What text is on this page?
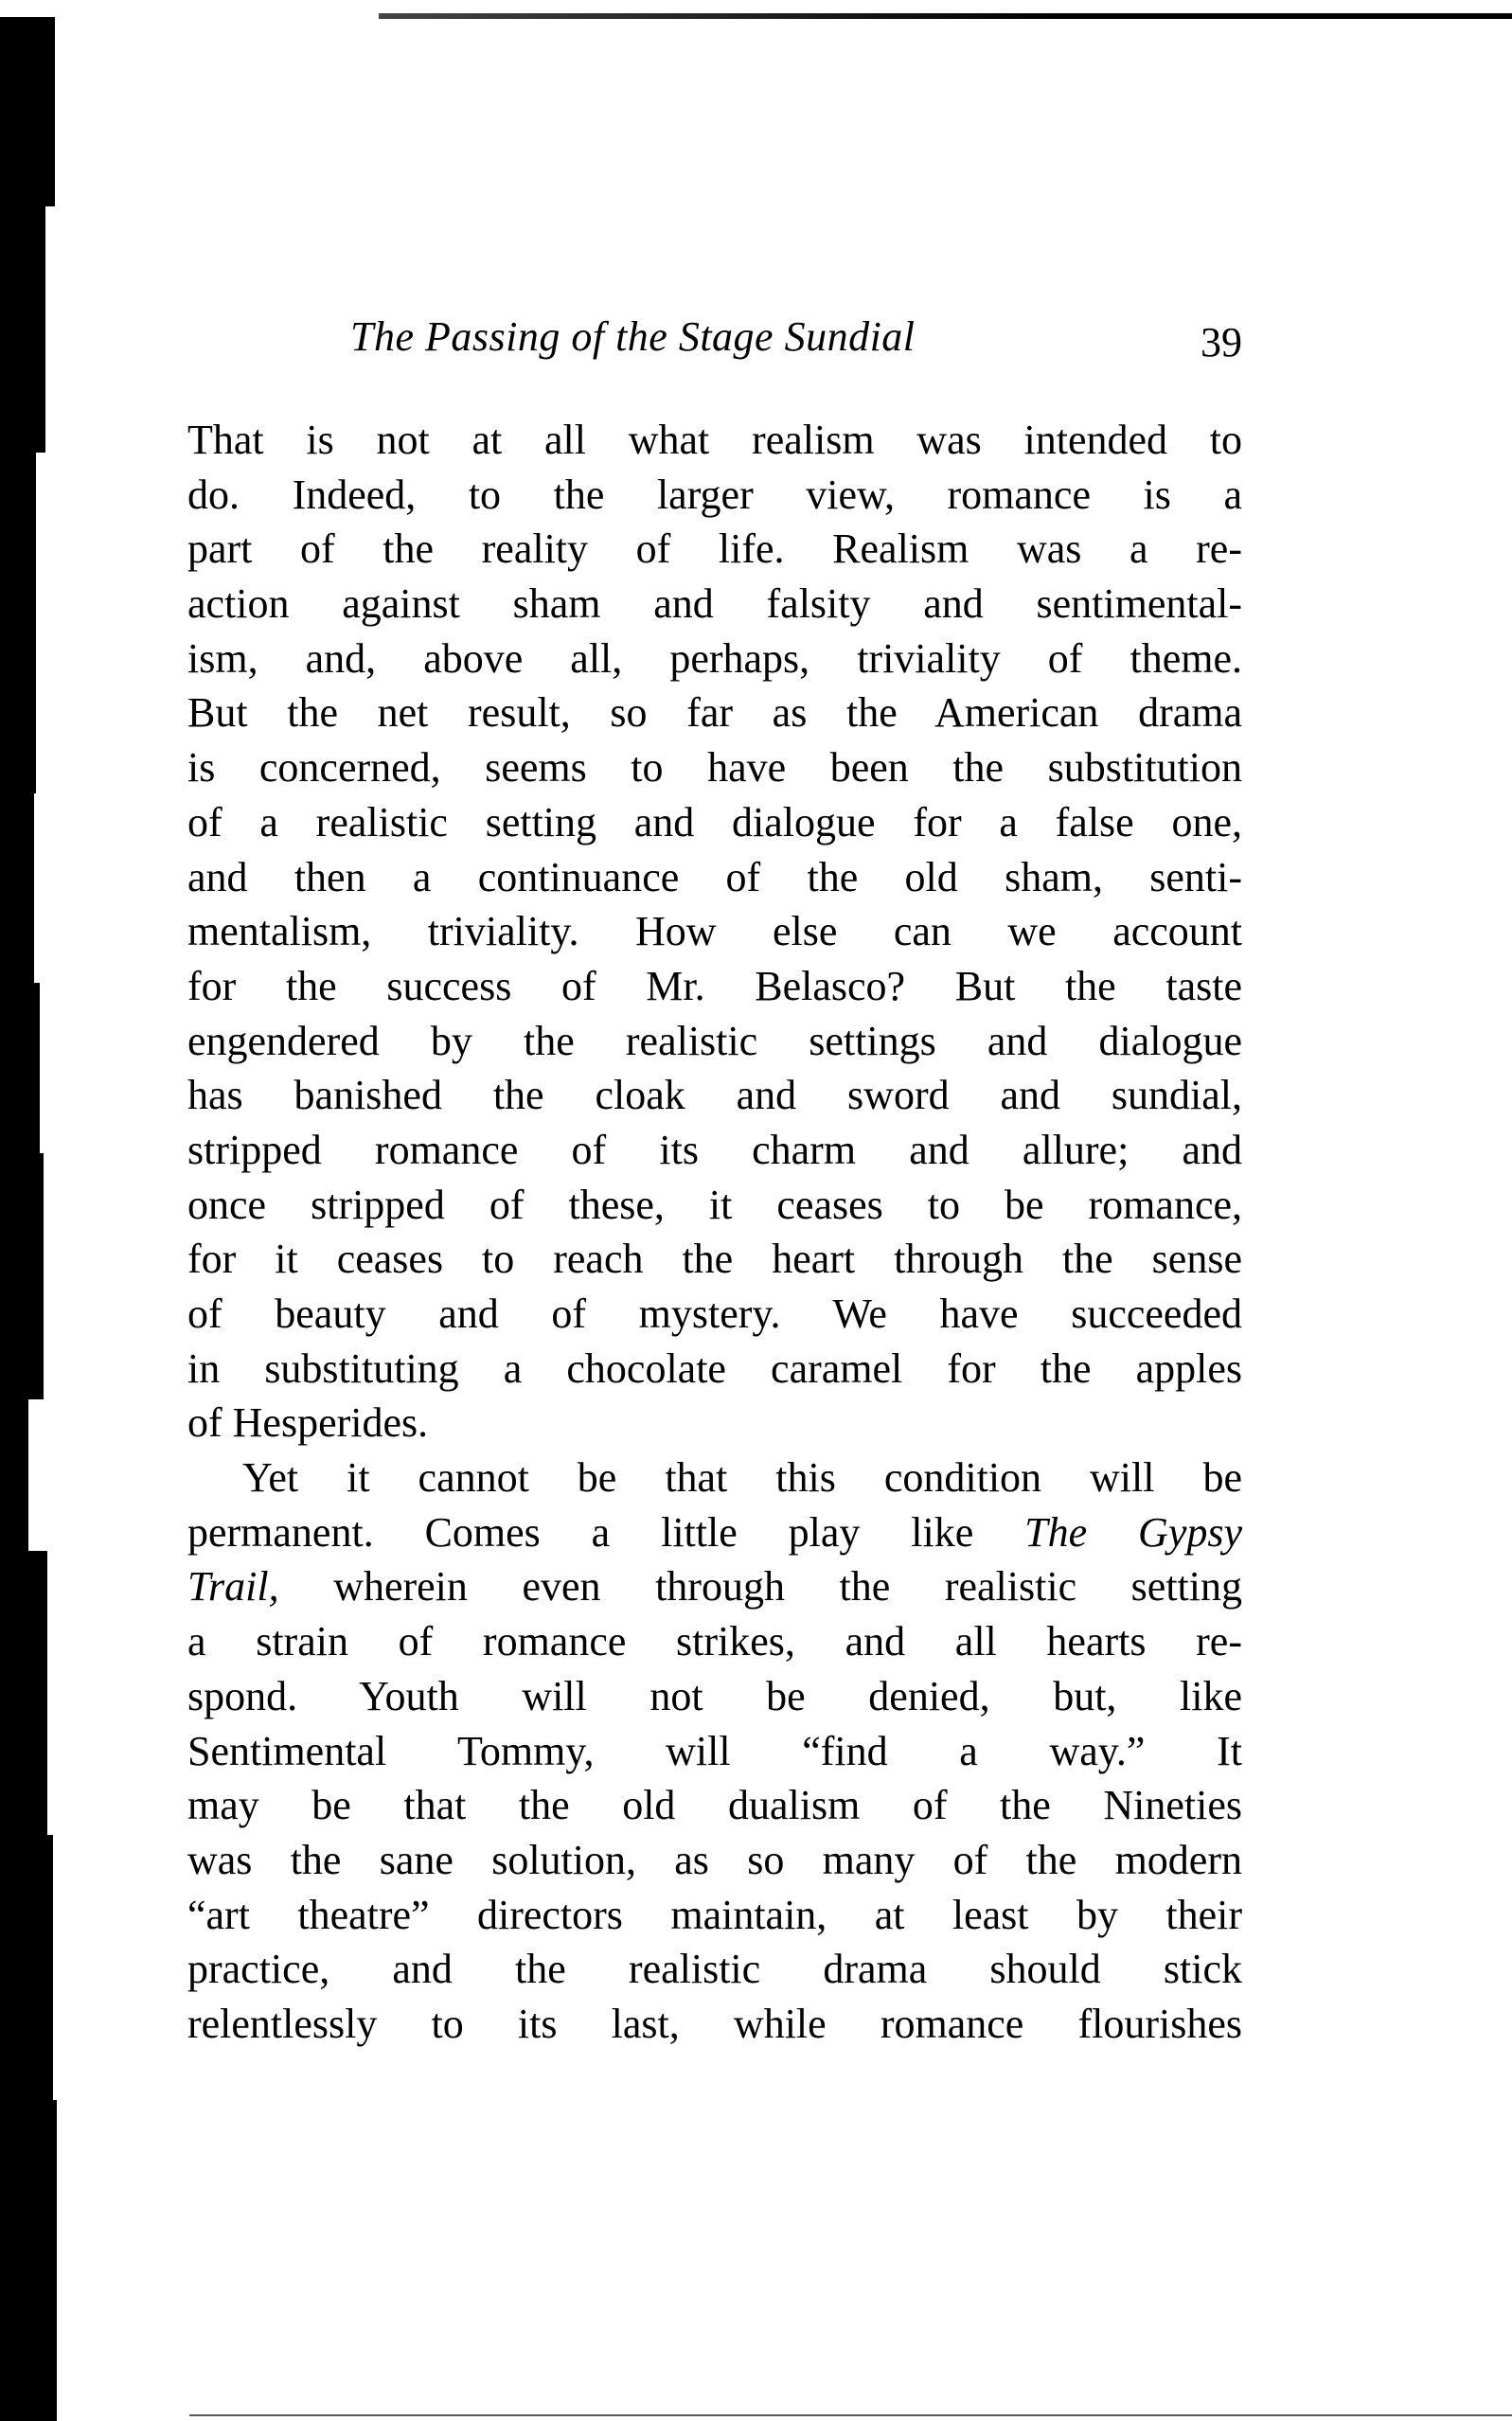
The Passing of the Stage Sundial	39
That is not at all what realism was intended to
do. Indeed, to the larger view, romance is a
part of the reality of life. Realism was a re-
action against sham and falsity and sentimental-
ism, and, above all, perhaps, triviality of theme.
But the net result, so far as the American drama
is concerned, seems to have been the substitution
of a realistic setting and dialogue for a false one,
and then a continuance of the old sham, senti-
mentalism, triviality. How else can we account
for the success of Mr. Belasco? But the taste
engendered by the realistic settings and dialogue
has banished the cloak and sword and sundial,
stripped romance of its charm and allure; and
once stripped of these, it ceases to be romance,
for it ceases to reach the heart through the sense
of beauty and of mystery. We have succeeded
in substituting a chocolate caramel for the apples
of Hesperides.
Yet it cannot be that this condition will be
permanent. Comes a little play like The Gypsy
Trail, wherein even through the realistic setting
a strain of romance strikes, and all hearts re-
spond. Youth will not be denied, but, like
Sentimental Tommy, will “find a way.” It
may be that the old dualism of the Nineties
was the sane solution, as so many of the modern
“art theatre” directors maintain, at least by their
practice, and the realistic drama should stick
relentlessly to its last, while romance flourishes
